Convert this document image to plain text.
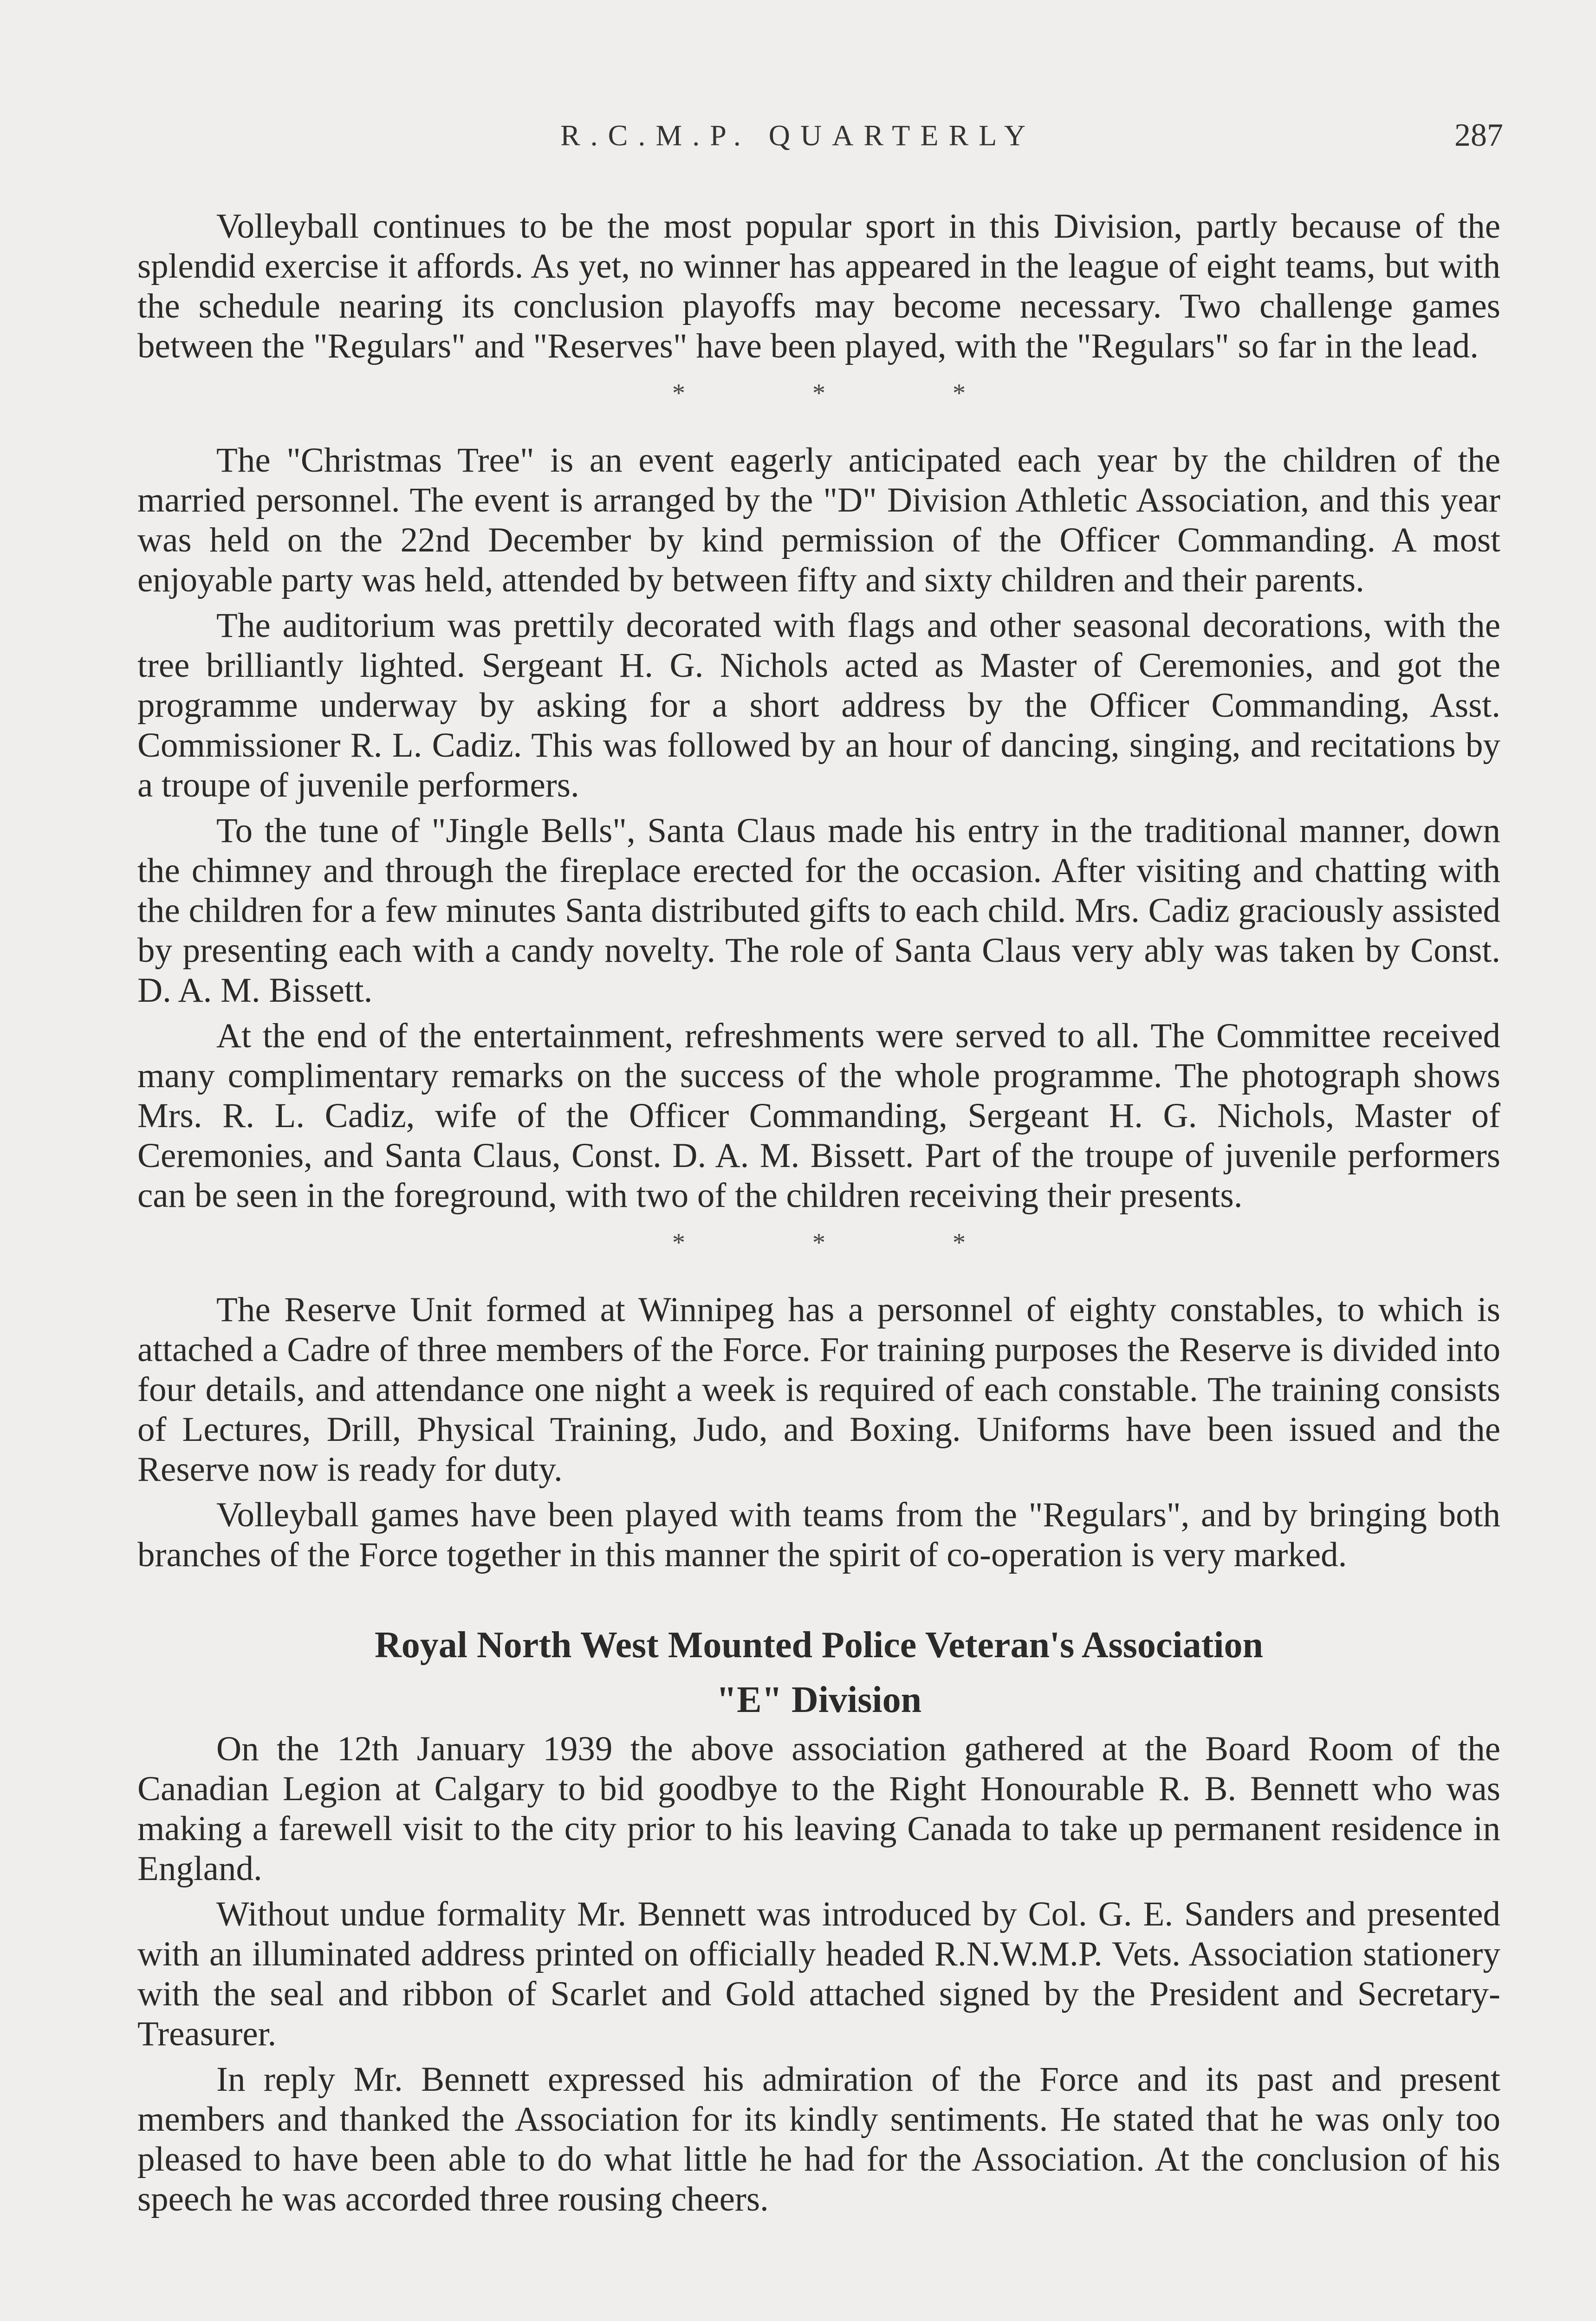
R.C.M.P. QUARTERLY	287

Volleyball continues to be the most popular sport in this Division, partly because of the splendid exercise it affords. As yet, no winner has appeared in the league of eight teams, but with the schedule nearing its conclusion playoffs may become necessary. Two challenge games between the "Regulars" and "Reserves" have been played, with the "Regulars" so far in the lead.

* * *

The "Christmas Tree" is an event eagerly anticipated each year by the children of the married personnel. The event is arranged by the "D" Division Athletic Association, and this year was held on the 22nd December by kind permission of the Officer Commanding. A most enjoyable party was held, attended by between fifty and sixty children and their parents.

The auditorium was prettily decorated with flags and other seasonal decorations, with the tree brilliantly lighted. Sergeant H. G. Nichols acted as Master of Ceremonies, and got the programme underway by asking for a short address by the Officer Commanding, Asst. Commissioner R. L. Cadiz. This was followed by an hour of dancing, singing, and recitations by a troupe of juvenile performers.

To the tune of "Jingle Bells", Santa Claus made his entry in the traditional manner, down the chimney and through the fireplace erected for the occasion. After visiting and chatting with the children for a few minutes Santa distributed gifts to each child. Mrs. Cadiz graciously assisted by presenting each with a candy novelty. The role of Santa Claus very ably was taken by Const. D. A. M. Bissett.

At the end of the entertainment, refreshments were served to all. The Committee received many complimentary remarks on the success of the whole programme. The photograph shows Mrs. R. L. Cadiz, wife of the Officer Commanding, Sergeant H. G. Nichols, Master of Ceremonies, and Santa Claus, Const. D. A. M. Bissett. Part of the troupe of juvenile performers can be seen in the foreground, with two of the children receiving their presents.

* * *

The Reserve Unit formed at Winnipeg has a personnel of eighty constables, to which is attached a Cadre of three members of the Force. For training purposes the Reserve is divided into four details, and attendance one night a week is required of each constable. The training consists of Lectures, Drill, Physical Training, Judo, and Boxing. Uniforms have been issued and the Reserve now is ready for duty.

Volleyball games have been played with teams from the "Regulars", and by bringing both branches of the Force together in this manner the spirit of co-operation is very marked.

Royal North West Mounted Police Veteran's Association
"E" Division

On the 12th January 1939 the above association gathered at the Board Room of the Canadian Legion at Calgary to bid goodbye to the Right Honourable R. B. Bennett who was making a farewell visit to the city prior to his leaving Canada to take up permanent residence in England.

Without undue formality Mr. Bennett was introduced by Col. G. E. Sanders and presented with an illuminated address printed on officially headed R.N.W.M.P. Vets. Association stationery with the seal and ribbon of Scarlet and Gold attached signed by the President and Secretary-Treasurer.

In reply Mr. Bennett expressed his admiration of the Force and its past and present members and thanked the Association for its kindly sentiments. He stated that he was only too pleased to have been able to do what little he had for the Association. At the conclusion of his speech he was accorded three rousing cheers.
